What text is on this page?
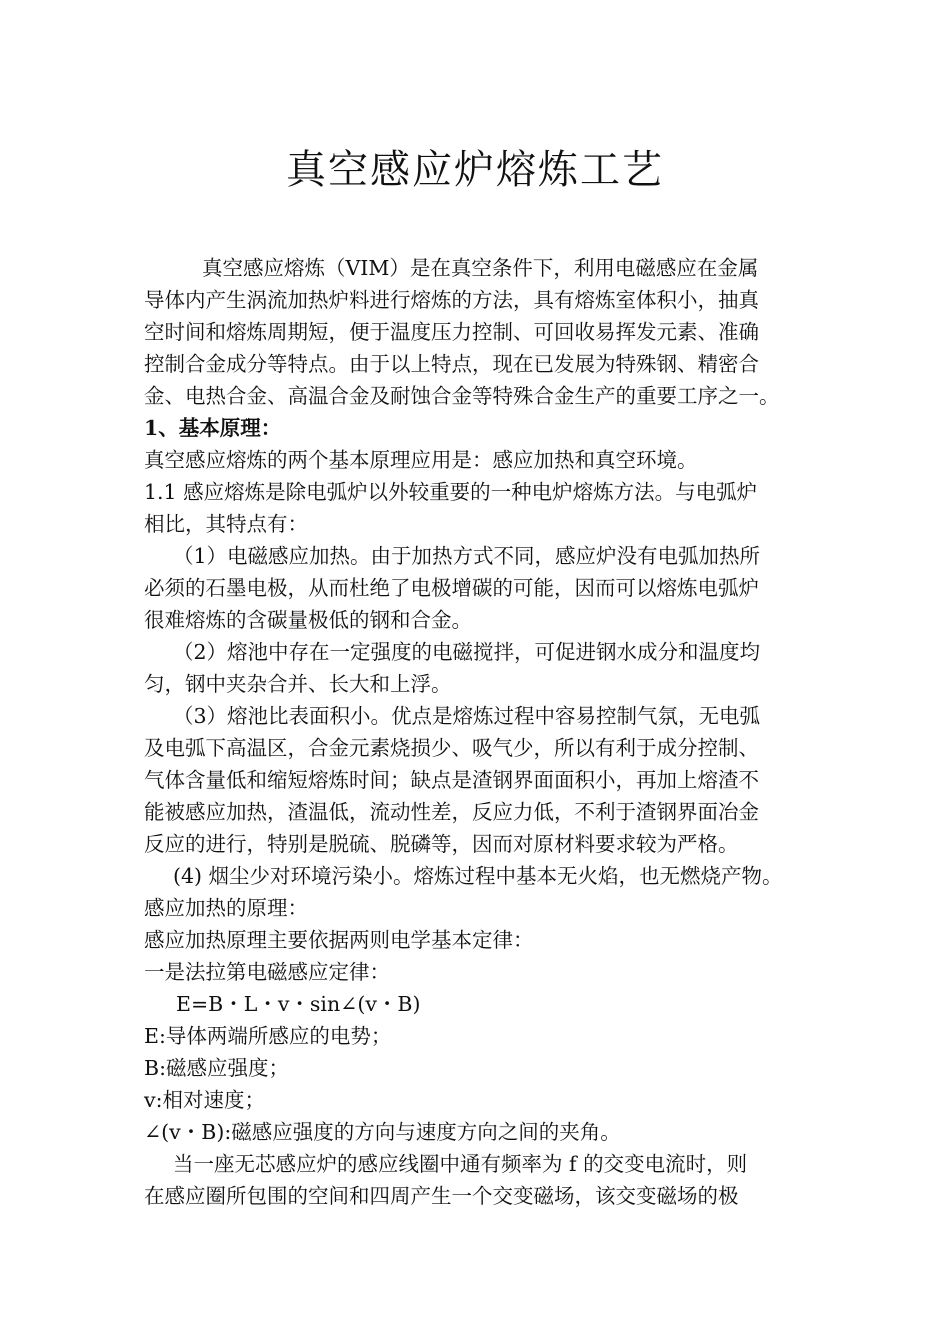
真空感应炉熔炼工艺
真空感应熔炼（VIM）是在真空条件下，利用电磁感应在金属
导体内产生涡流加热炉料进行熔炼的方法，具有熔炼室体积小，抽真
空时间和熔炼周期短，便于温度压力控制、可回收易挥发元素、准确
控制合金成分等特点。由于以上特点，现在已发展为特殊钢、精密合
金、电热合金、高温合金及耐蚀合金等特殊合金生产的重要工序之一。
1、基本原理：
真空感应熔炼的两个基本原理应用是：感应加热和真空环境。
1.1 感应熔炼是除电弧炉以外较重要的一种电炉熔炼方法。与电弧炉
相比，其特点有：
（1）电磁感应加热。由于加热方式不同，感应炉没有电弧加热所
必须的石墨电极，从而杜绝了电极增碳的可能，因而可以熔炼电弧炉
很难熔炼的含碳量极低的钢和合金。
（2）熔池中存在一定强度的电磁搅拌，可促进钢水成分和温度均
匀，钢中夹杂合并、长大和上浮。
（3）熔池比表面积小。优点是熔炼过程中容易控制气氛，无电弧
及电弧下高温区，合金元素烧损少、吸气少，所以有利于成分控制、
气体含量低和缩短熔炼时间；缺点是渣钢界面面积小，再加上熔渣不
能被感应加热，渣温低，流动性差，反应力低，不利于渣钢界面冶金
反应的进行，特别是脱硫、脱磷等，因而对原材料要求较为严格。
(4) 烟尘少对环境污染小。熔炼过程中基本无火焰，也无燃烧产物。
感应加热的原理：
感应加热原理主要依据两则电学基本定律：
一是法拉第电磁感应定律：
E=B・L・v・sin∠(v・B)
E:导体两端所感应的电势；
B:磁感应强度；
v:相对速度；
∠(v・B):磁感应强度的方向与速度方向之间的夹角。
当一座无芯感应炉的感应线圈中通有频率为 f 的交变电流时，则
在感应圈所包围的空间和四周产生一个交变磁场，该交变磁场的极
